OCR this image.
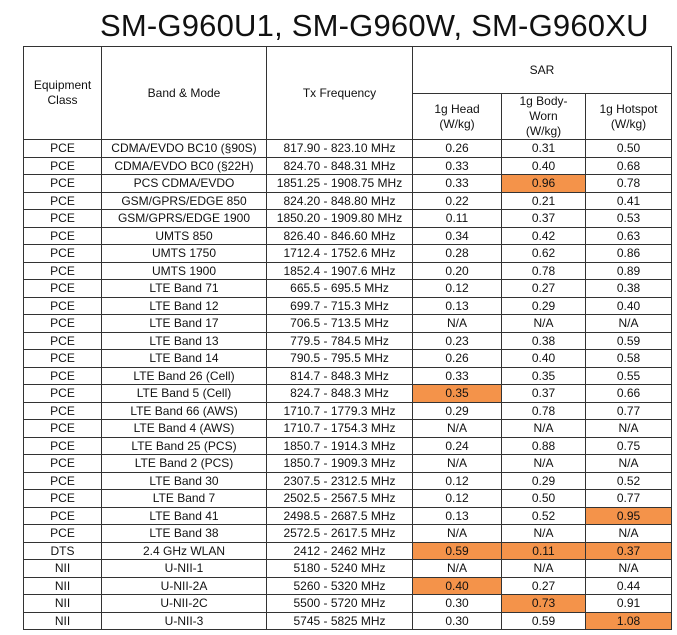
SM-G960U1, SM-G960W, SM-G960XU
Equipment Class	Band & Mode	Tx Frequency	SAR		
			1g Head (W/kg)	1g Body-Worn (W/kg)	1g Hotspot (W/kg)
PCE	CDMA/EVDO BC10 (§90S)	817.90 - 823.10 MHz	0.26	0.31	0.50
PCE	CDMA/EVDO BC0 (§22H)	824.70 - 848.31 MHz	0.33	0.40	0.68
PCE	PCS CDMA/EVDO	1851.25 - 1908.75 MHz	0.33	0.96	0.78
PCE	GSM/GPRS/EDGE 850	824.20 - 848.80 MHz	0.22	0.21	0.41
PCE	GSM/GPRS/EDGE 1900	1850.20 - 1909.80 MHz	0.11	0.37	0.53
PCE	UMTS 850	826.40 - 846.60 MHz	0.34	0.42	0.63
PCE	UMTS 1750	1712.4 - 1752.6 MHz	0.28	0.62	0.86
PCE	UMTS 1900	1852.4 - 1907.6 MHz	0.20	0.78	0.89
PCE	LTE Band 71	665.5 - 695.5 MHz	0.12	0.27	0.38
PCE	LTE Band 12	699.7 - 715.3 MHz	0.13	0.29	0.40
PCE	LTE Band 17	706.5 - 713.5 MHz	N/A	N/A	N/A
PCE	LTE Band 13	779.5 - 784.5 MHz	0.23	0.38	0.59
PCE	LTE Band 14	790.5 - 795.5 MHz	0.26	0.40	0.58
PCE	LTE Band 26 (Cell)	814.7 - 848.3 MHz	0.33	0.35	0.55
PCE	LTE Band 5 (Cell)	824.7 - 848.3 MHz	0.35	0.37	0.66
PCE	LTE Band 66 (AWS)	1710.7 - 1779.3 MHz	0.29	0.78	0.77
PCE	LTE Band 4 (AWS)	1710.7 - 1754.3 MHz	N/A	N/A	N/A
PCE	LTE Band 25 (PCS)	1850.7 - 1914.3 MHz	0.24	0.88	0.75
PCE	LTE Band 2 (PCS)	1850.7 - 1909.3 MHz	N/A	N/A	N/A
PCE	LTE Band 30	2307.5 - 2312.5 MHz	0.12	0.29	0.52
PCE	LTE Band 7	2502.5 - 2567.5 MHz	0.12	0.50	0.77
PCE	LTE Band 41	2498.5 - 2687.5 MHz	0.13	0.52	0.95
PCE	LTE Band 38	2572.5 - 2617.5 MHz	N/A	N/A	N/A
DTS	2.4 GHz WLAN	2412 - 2462 MHz	0.59	0.11	0.37
NII	U-NII-1	5180 - 5240 MHz	N/A	N/A	N/A
NII	U-NII-2A	5260 - 5320 MHz	0.40	0.27	0.44
NII	U-NII-2C	5500 - 5720 MHz	0.30	0.73	0.91
NII	U-NII-3	5745 - 5825 MHz	0.30	0.59	1.08
